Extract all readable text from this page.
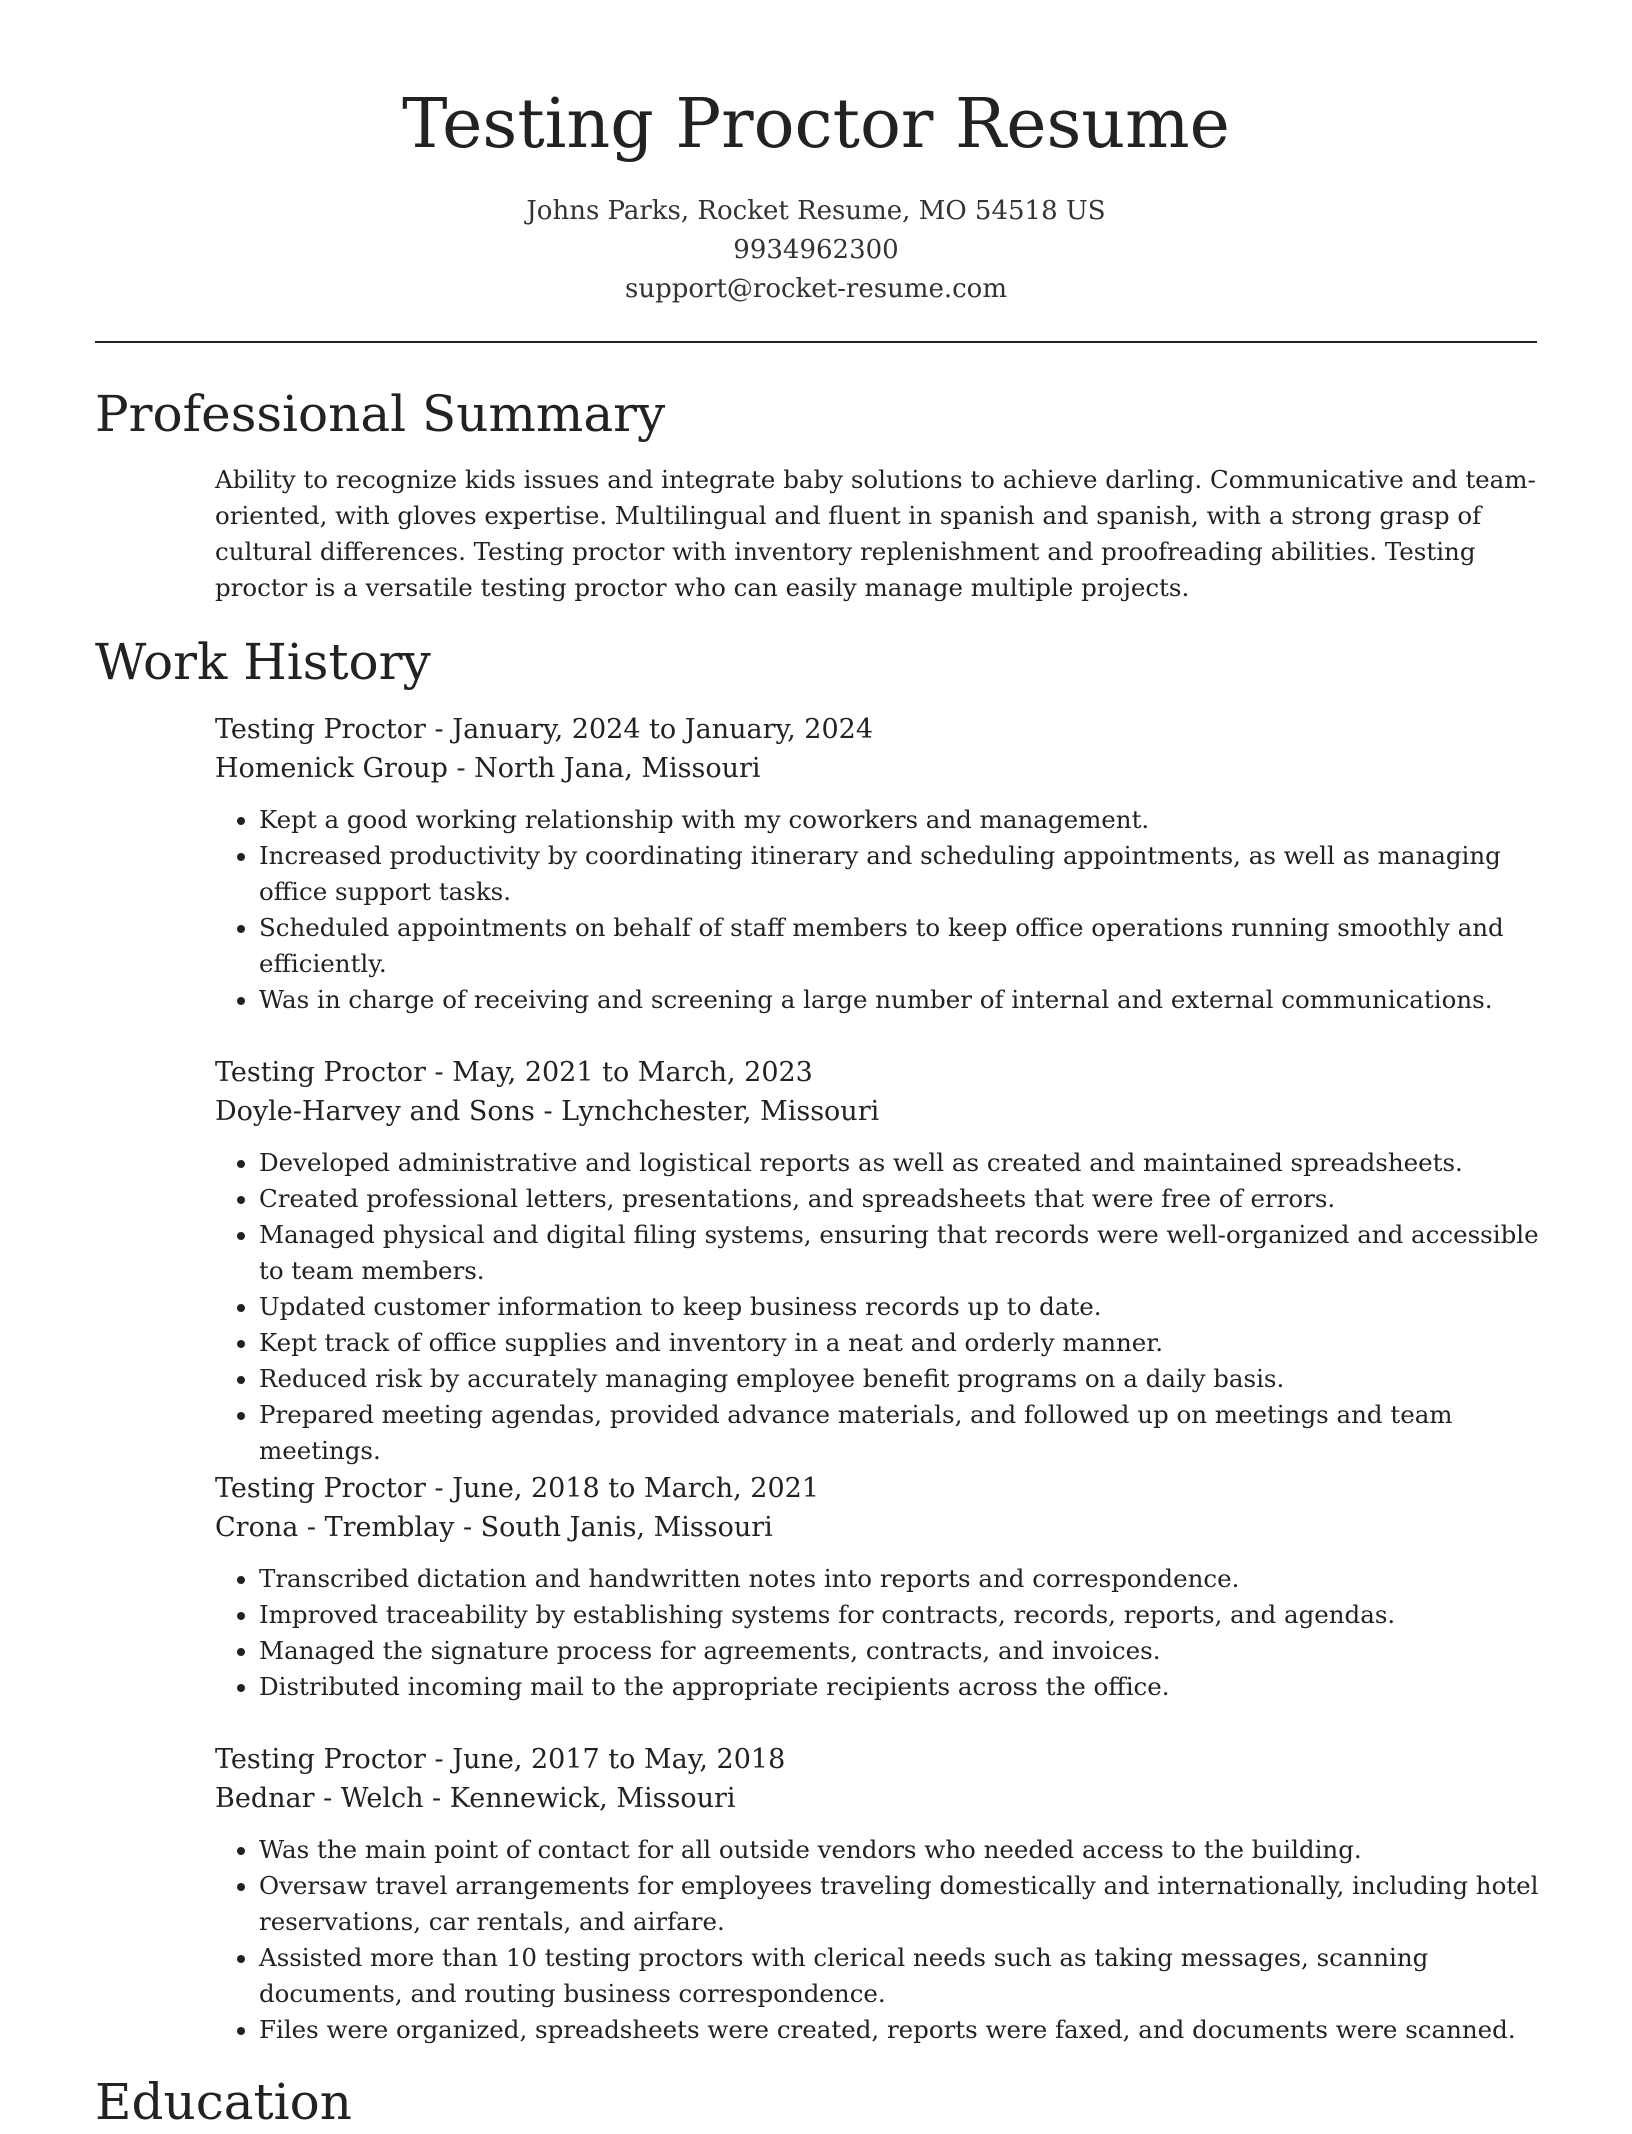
Testing Proctor Resume
Johns Parks, Rocket Resume, MO 54518 US
9934962300
support@rocket-resume.com
Professional Summary

Ability to recognize kids issues and integrate baby solutions to achieve darling. Communicative and team-oriented, with gloves expertise. Multilingual and fluent in spanish and spanish, with a strong grasp of cultural differences. Testing proctor with inventory replenishment and proofreading abilities. Testing proctor is a versatile testing proctor who can easily manage multiple projects.

Work History
Testing Proctor - January, 2024 to January, 2024
Homenick Group - North Jana, Missouri
• Kept a good working relationship with my coworkers and management.
• Increased productivity by coordinating itinerary and scheduling appointments, as well as managing office support tasks.
• Scheduled appointments on behalf of staff members to keep office operations running smoothly and efficiently.
• Was in charge of receiving and screening a large number of internal and external communications.
Testing Proctor - May, 2021 to March, 2023
Doyle-Harvey and Sons - Lynchchester, Missouri
• Developed administrative and logistical reports as well as created and maintained spreadsheets.
• Created professional letters, presentations, and spreadsheets that were free of errors.
• Managed physical and digital filing systems, ensuring that records were well-organized and accessible to team members.
• Updated customer information to keep business records up to date.
• Kept track of office supplies and inventory in a neat and orderly manner.
• Reduced risk by accurately managing employee benefit programs on a daily basis.
• Prepared meeting agendas, provided advance materials, and followed up on meetings and team meetings.
Testing Proctor - June, 2018 to March, 2021
Crona - Tremblay - South Janis, Missouri
• Transcribed dictation and handwritten notes into reports and correspondence.
• Improved traceability by establishing systems for contracts, records, reports, and agendas.
• Managed the signature process for agreements, contracts, and invoices.
• Distributed incoming mail to the appropriate recipients across the office.
Testing Proctor - June, 2017 to May, 2018
Bednar - Welch - Kennewick, Missouri
• Was the main point of contact for all outside vendors who needed access to the building.
• Oversaw travel arrangements for employees traveling domestically and internationally, including hotel reservations, car rentals, and airfare.
• Assisted more than 10 testing proctors with clerical needs such as taking messages, scanning documents, and routing business correspondence.
• Files were organized, spreadsheets were created, reports were faxed, and documents were scanned.
Education
